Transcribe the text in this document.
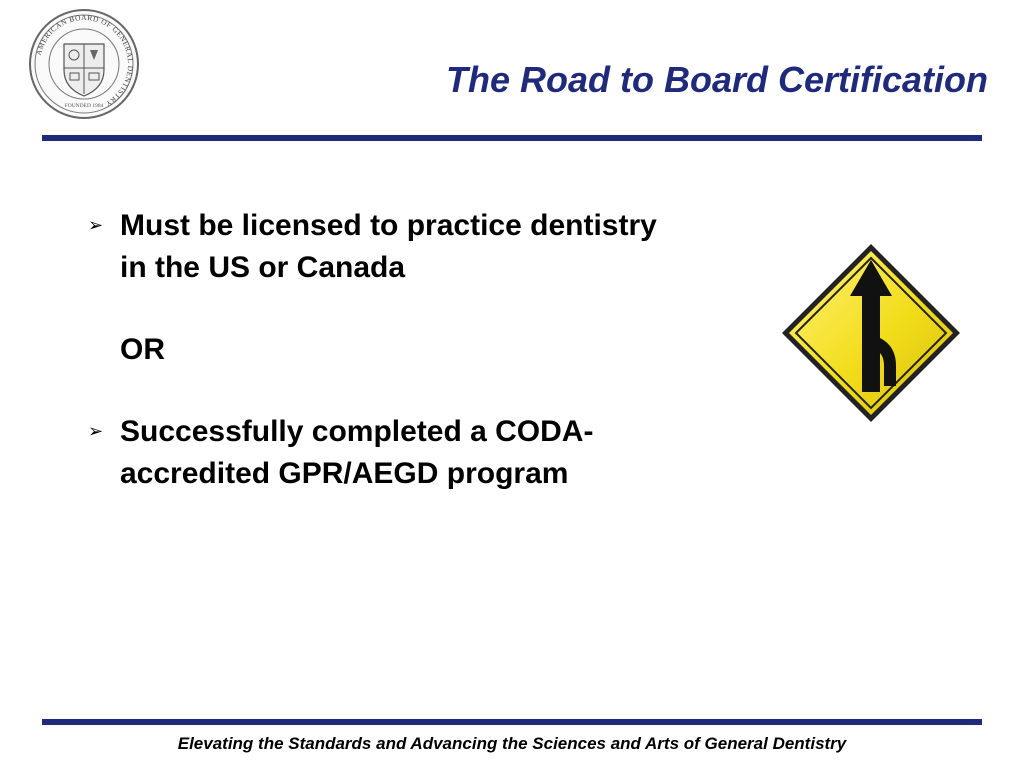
AMERICAN BOARD OF GENERAL DENTISTRY
FOUNDED 1984
The Road to Board Certification
➢ Must be licensed to practice dentistry
in the US or Canada
OR
➢ Successfully completed a CODA-
accredited GPR/AEGD program
Elevating the Standards and Advancing the Sciences and Arts of General Dentistry
